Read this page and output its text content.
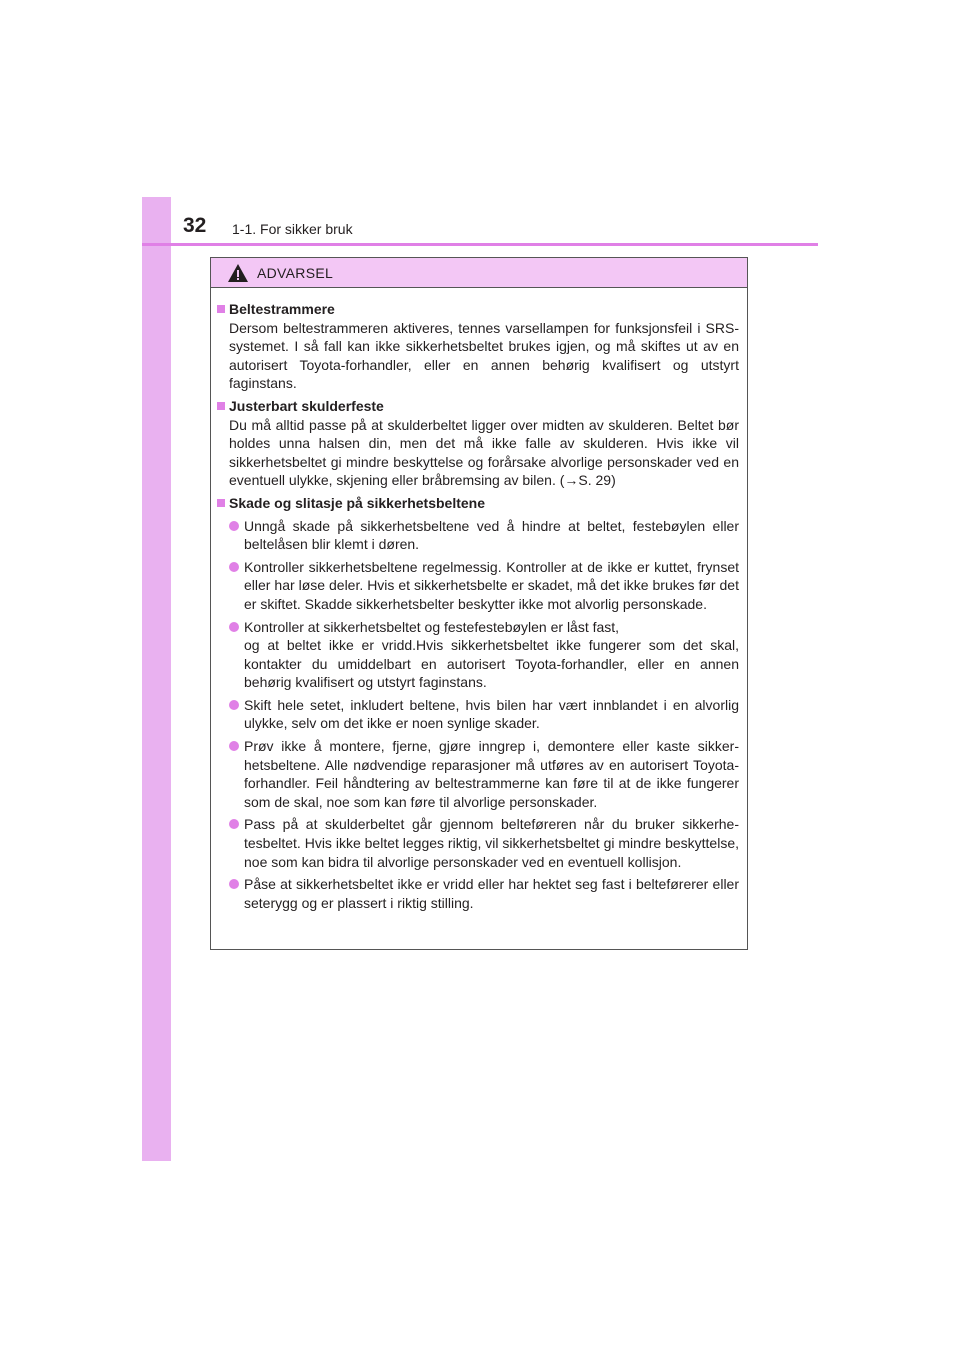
32 1-1. For sikker bruk
ADVARSEL
Beltestrammere
Dersom beltestrammeren aktiveres, tennes varsellampen for funksjonsfeil i SRS-systemet. I så fall kan ikke sikkerhetsbeltet brukes igjen, og må skiftes ut av en autorisert Toyota-forhandler, eller en annen behørig kvalifisert og utstyrt faginstans.
Justerbart skulderfeste
Du må alltid passe på at skulderbeltet ligger over midten av skulderen. Beltet bør holdes unna halsen din, men det må ikke falle av skulderen. Hvis ikke vil sikkerhetsbeltet gi mindre beskyttelse og forårsake alvorlige personskader ved en eventuell ulykke, skjening eller bråbremsing av bilen. (→S. 29)
Skade og slitasje på sikkerhetsbeltene
Unngå skade på sikkerhetsbeltene ved å hindre at beltet, festebøylen eller beltelåsen blir klemt i døren.
Kontroller sikkerhetsbeltene regelmessig. Kontroller at de ikke er kuttet, frynset eller har løse deler. Hvis et sikkerhetsbelte er skadet, må det ikke brukes før det er skiftet. Skadde sikkerhetsbelter beskytter ikke mot alvorlig personskade.
Kontroller at sikkerhetsbeltet og festefestebøylen er låst fast,
og at beltet ikke er vridd.Hvis sikkerhetsbeltet ikke fungerer som det skal, kontakter du umiddelbart en autorisert Toyota-forhandler, eller en annen behørig kvalifisert og utstyrt faginstans.
Skift hele setet, inkludert beltene, hvis bilen har vært innblandet i en alvorlig ulykke, selv om det ikke er noen synlige skader.
Prøv ikke å montere, fjerne, gjøre inngrep i, demontere eller kaste sikker-hetsbeltene. Alle nødvendige reparasjoner må utføres av en autorisert Toyota-forhandler. Feil håndtering av beltestrammerne kan føre til at de ikke fungerer som de skal, noe som kan føre til alvorlige personskader.
Pass på at skulderbeltet går gjennom belteføreren når du bruker sikkerhe-tesbeltet. Hvis ikke beltet legges riktig, vil sikkerhetsbeltet gi mindre beskyttelse, noe som kan bidra til alvorlige personskader ved en eventuell kollisjon.
Påse at sikkerhetsbeltet ikke er vridd eller har hektet seg fast i belteførerer eller seterygg og er plassert i riktig stilling.
